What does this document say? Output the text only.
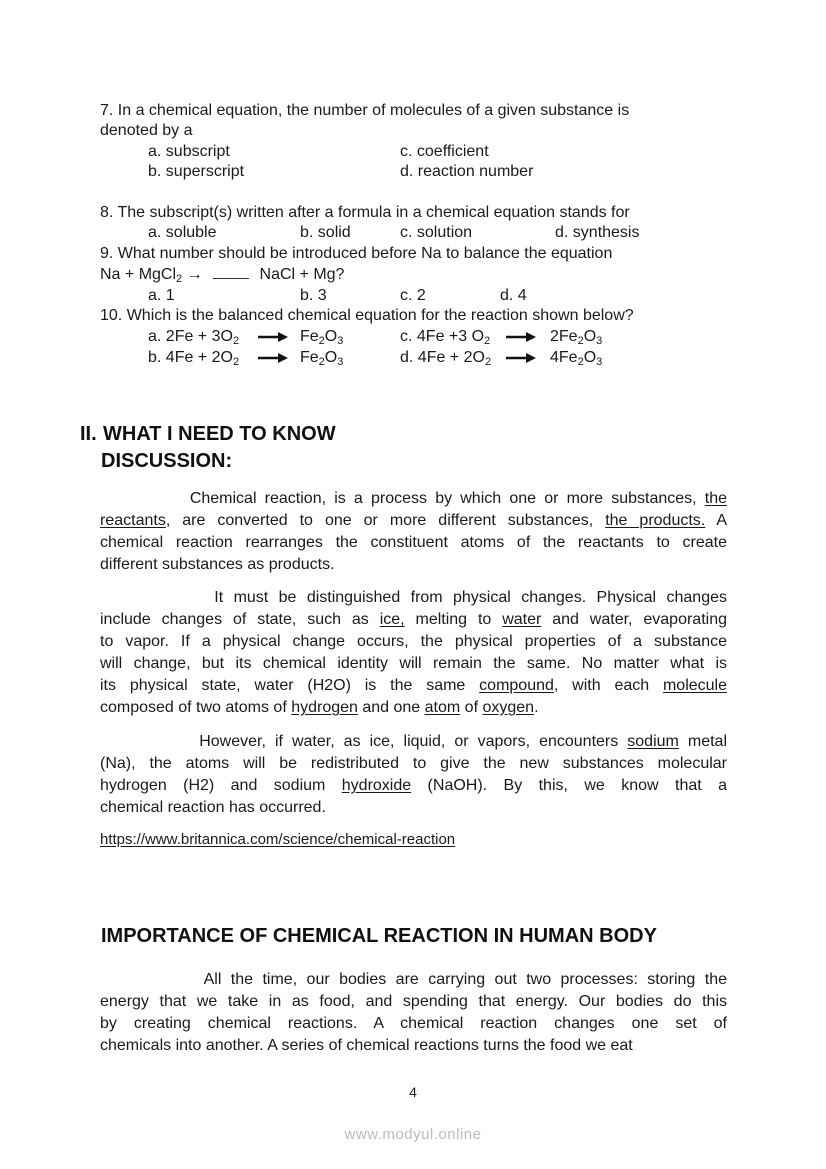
7. In a chemical equation, the number of molecules of a given substance is
denoted by a
a. subscript	c. coefficient
b. superscript	d. reaction number
8. The subscript(s) written after a formula in a chemical equation stands for
a. soluble	b. solid	c. solution	d. synthesis
9. What number should be introduced before Na to balance the equation
Na + MgCl$_2$ →	NaCl + Mg?
a. 1	b. 3	c. 2	d. 4
10. Which is the balanced chemical equation for the reaction shown below?
a. $2Fe + 3O_2$	$Fe_2O_3$
b. $4Fe + 2O_2$	$Fe_2O_3$
c. 4Fe +3 $O_2$	$2Fe_2O_3$
d. $4Fe + 2O_2$	$4Fe_2O_3$
II. WHAT I NEED TO KNOW
DISCUSSION:
Chemical reaction, is a process by which one or more substances, the
reactants, are converted to one or more different substances, the products. A
chemical reaction rearranges the constituent atoms of the reactants to create
different substances as products.
It must be distinguished from physical changes. Physical changes
include changes of state, such as ice, melting to water and water, evaporating
to vapor. If a physical change occurs, the physical properties of a substance
will change, but its chemical identity will remain the same. No matter what is
its physical state, water (H2O) is the same compound, with each molecule
composed of two atoms of hydrogen and one atom of oxygen.
However, if water, as ice, liquid, or vapors, encounters sodium metal
(Na), the atoms will be redistributed to give the new substances molecular
hydrogen (H2) and sodium hydroxide (NaOH). By this, we know that a
chemical reaction has occurred.
https://www.britannica.com/science/chemical-reaction
IMPORTANCE OF CHEMICAL REACTION IN HUMAN BODY
All the time, our bodies are carrying out two processes: storing the
energy that we take in as food, and spending that energy. Our bodies do this
by creating chemical reactions. A chemical reaction changes one set of
chemicals into another. A series of chemical reactions turns the food we eat
4
www.modyul.online
